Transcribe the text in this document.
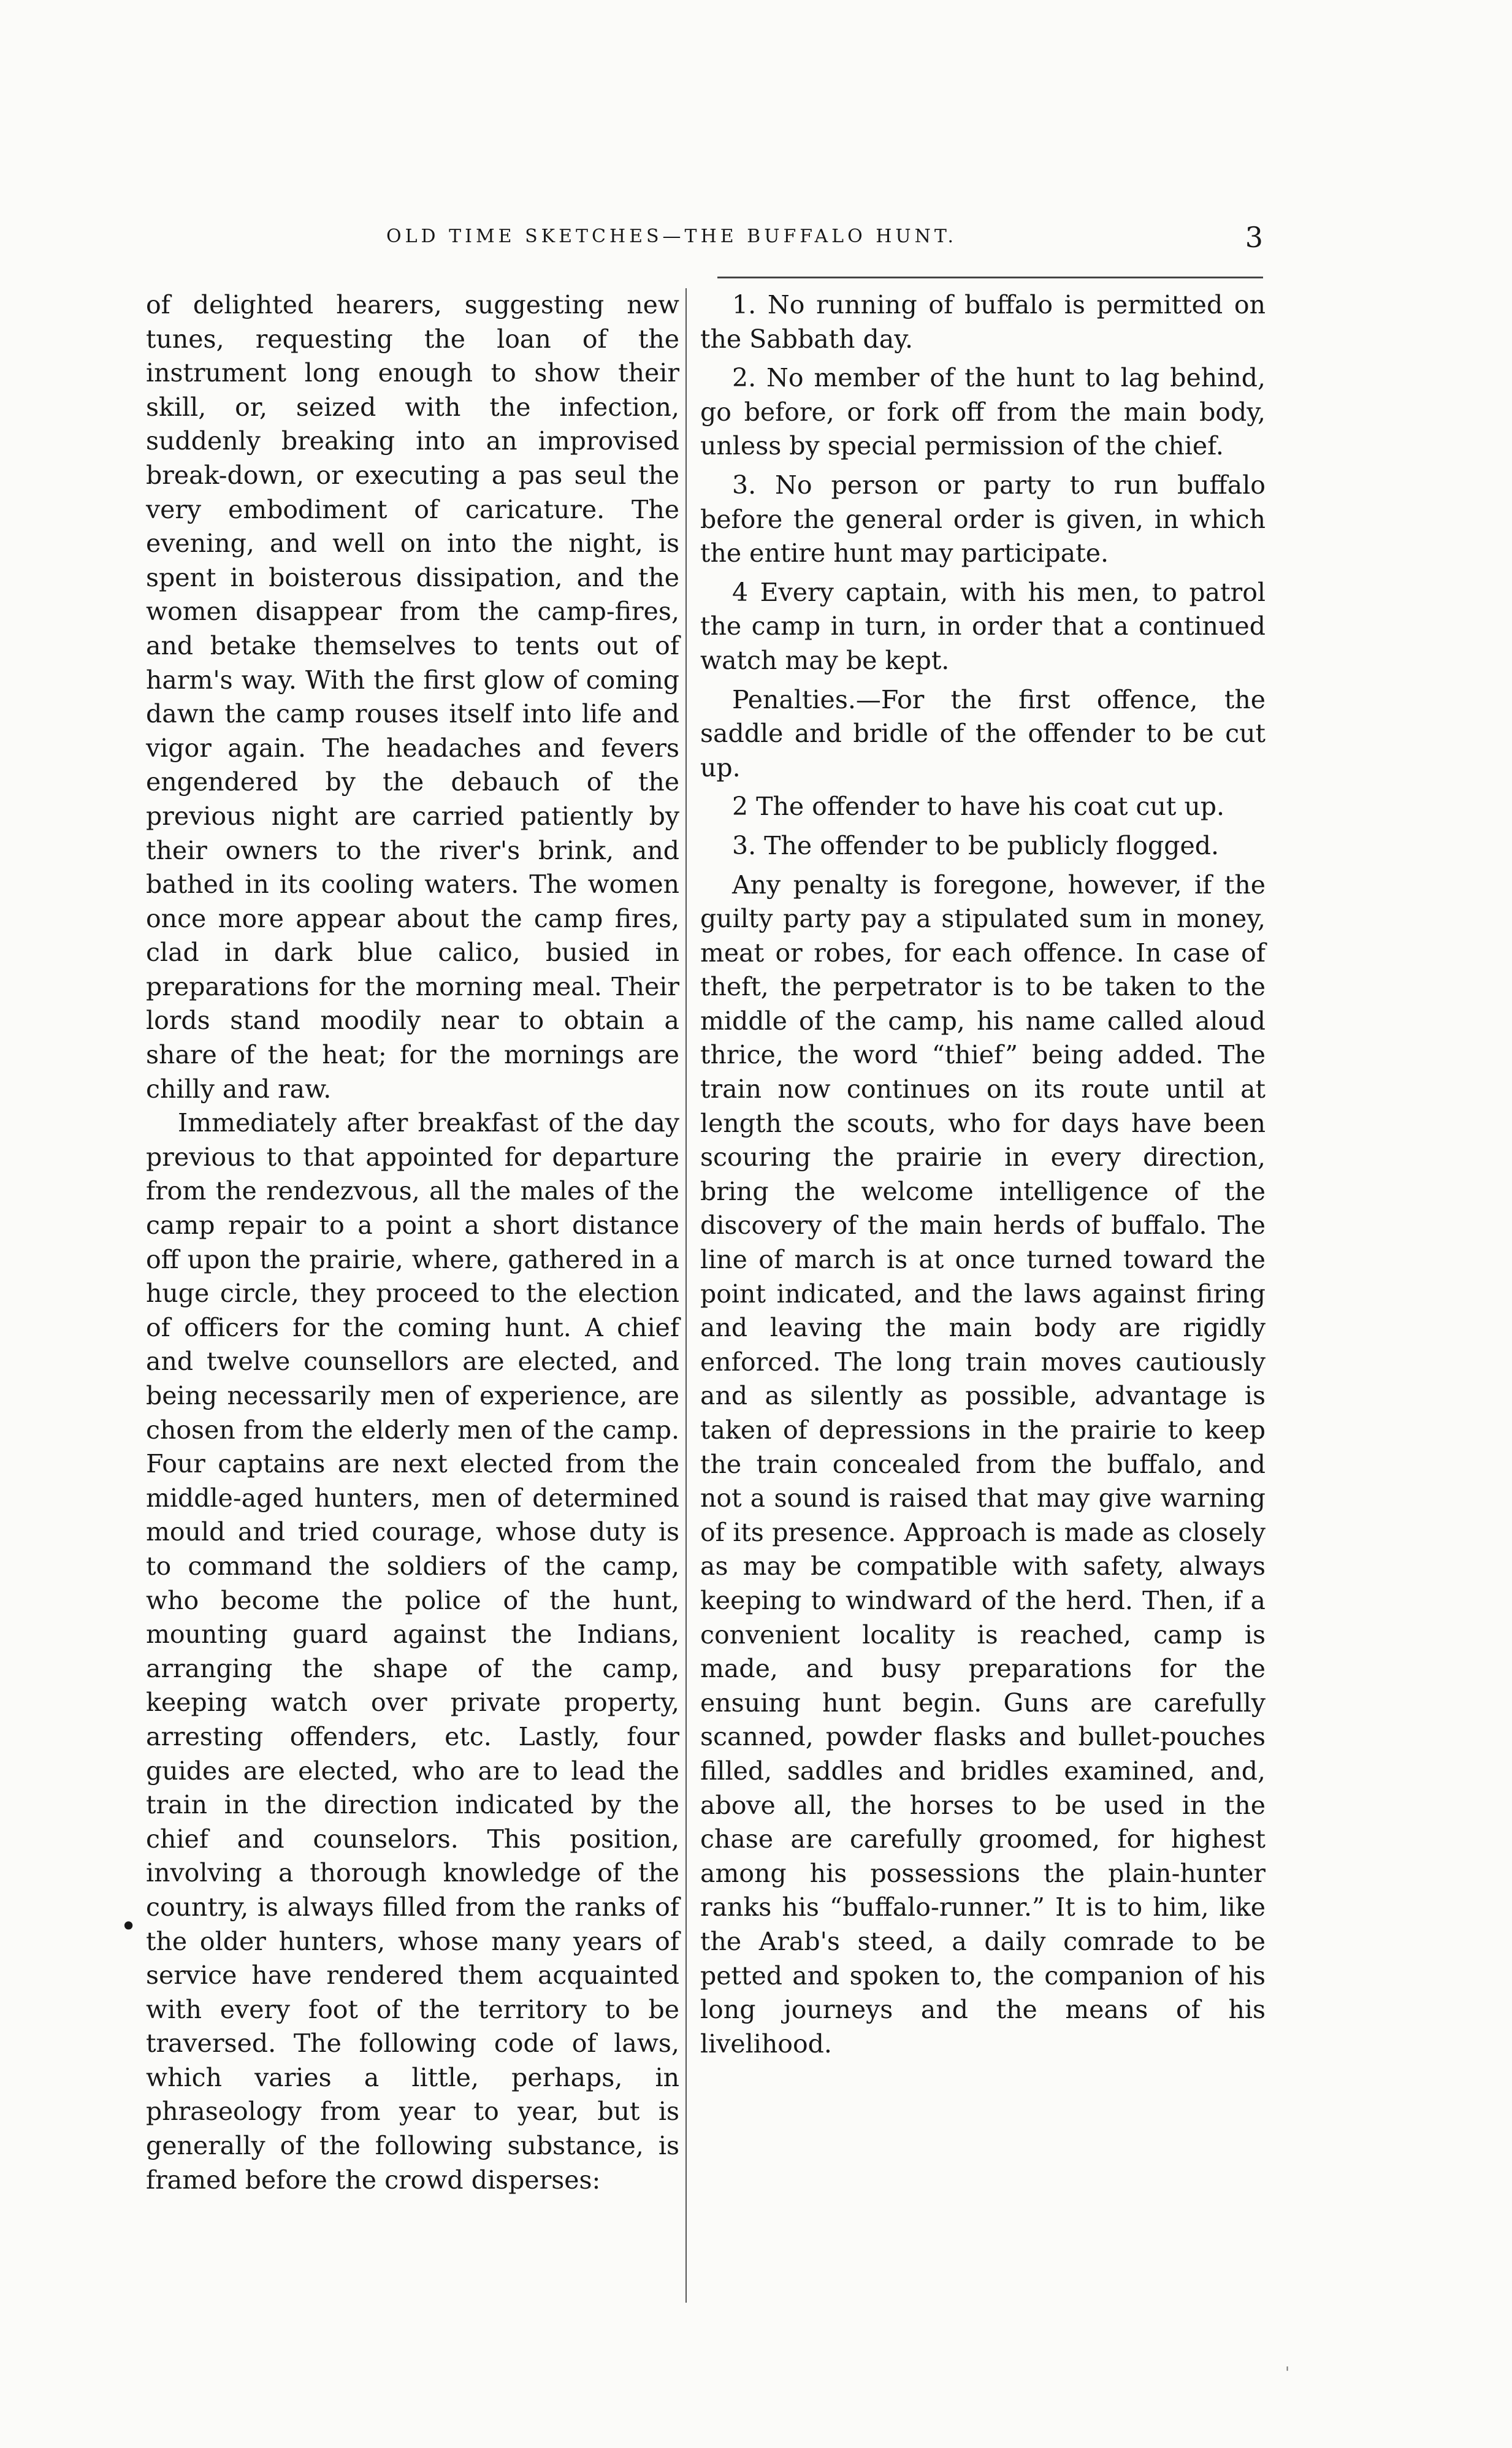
OLD TIME SKETCHES—THE BUFFALO HUNT.	3

of delighted hearers, suggesting new tunes, requesting the loan of the instrument long enough to show their skill, or, seized with the infection, suddenly breaking into an improvised break-down, or executing a pas seul the very embodiment of caricature. The evening, and well on into the night, is spent in boisterous dissipation, and the women disappear from the camp-fires, and betake themselves to tents out of harm's way. With the first glow of coming dawn the camp rouses itself into life and vigor again. The headaches and fevers engendered by the debauch of the previous night are carried patiently by their owners to the river's brink, and bathed in its cooling waters. The women once more appear about the camp fires, clad in dark blue calico, busied in preparations for the morning meal. Their lords stand moodily near to obtain a share of the heat; for the mornings are chilly and raw.

Immediately after breakfast of the day previous to that appointed for departure from the rendezvous, all the males of the camp repair to a point a short distance off upon the prairie, where, gathered in a huge circle, they proceed to the election of officers for the coming hunt. A chief and twelve counsellors are elected, and being necessarily men of experience, are chosen from the elderly men of the camp. Four captains are next elected from the middle-aged hunters, men of determined mould and tried courage, whose duty is to command the soldiers of the camp, who become the police of the hunt, mounting guard against the Indians, arranging the shape of the camp, keeping watch over private property, arresting offenders, etc. Lastly, four guides are elected, who are to lead the train in the direction indicated by the chief and counselors. This position, involving a thorough knowledge of the country, is always filled from the ranks of the older hunters, whose many years of service have rendered them acquainted with every foot of the territory to be traversed. The following code of laws, which varies a little, perhaps, in phraseology from year to year, but is generally of the following substance, is framed before the crowd disperses:

1. No running of buffalo is permitted on the Sabbath day.

2. No member of the hunt to lag behind, go before, or fork off from the main body, unless by special permission of the chief.

3. No person or party to run buffalo before the general order is given, in which the entire hunt may participate.

4 Every captain, with his men, to patrol the camp in turn, in order that a continued watch may be kept.

Penalties.—For the first offence, the saddle and bridle of the offender to be cut up.

2 The offender to have his coat cut up.

3. The offender to be publicly flogged.

Any penalty is foregone, however, if the guilty party pay a stipulated sum in money, meat or robes, for each offence. In case of theft, the perpetrator is to be taken to the middle of the camp, his name called aloud thrice, the word “thief” being added. The train now continues on its route until at length the scouts, who for days have been scouring the prairie in every direction, bring the welcome intelligence of the discovery of the main herds of buffalo. The line of march is at once turned toward the point indicated, and the laws against firing and leaving the main body are rigidly enforced. The long train moves cautiously and as silently as possible, advantage is taken of depressions in the prairie to keep the train concealed from the buffalo, and not a sound is raised that may give warning of its presence. Approach is made as closely as may be compatible with safety, always keeping to windward of the herd. Then, if a convenient locality is reached, camp is made, and busy preparations for the ensuing hunt begin. Guns are carefully scanned, powder flasks and bullet-pouches filled, saddles and bridles examined, and, above all, the horses to be used in the chase are carefully groomed, for highest among his possessions the plain-hunter ranks his “buffalo-runner.” It is to him, like the Arab's steed, a daily comrade to be petted and spoken to, the companion of his long journeys and the means of his livelihood.

•
'
